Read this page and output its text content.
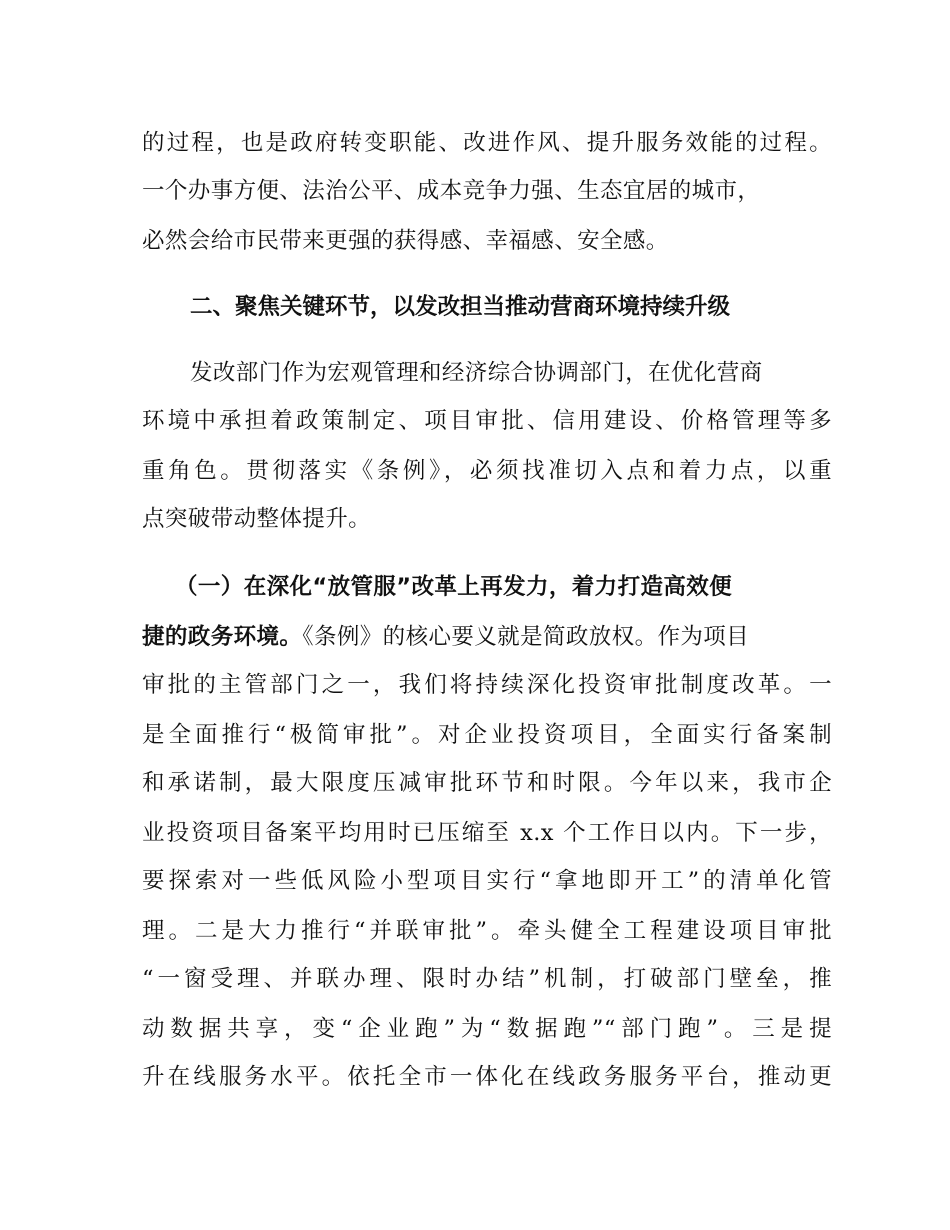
的过程，也是政府转变职能、改进作风、提升服务效能的过程。
一个办事方便、法治公平、成本竞争力强、生态宜居的城市，
必然会给市民带来更强的获得感、幸福感、安全感。
二、聚焦关键环节，以发改担当推动营商环境持续升级
发改部门作为宏观管理和经济综合协调部门，在优化营商
环境中承担着政策制定、项目审批、信用建设、价格管理等多
重角色。贯彻落实《条例》，必须找准切入点和着力点，以重
点突破带动整体提升。
（一）在深化“放管服”改革上再发力，着力打造高效便
捷的政务环境。《条例》的核心要义就是简政放权。作为项目
审批的主管部门之一，我们将持续深化投资审批制度改革。一
是全面推行“极简审批”。对企业投资项目，全面实行备案制
和承诺制，最大限度压减审批环节和时限。今年以来，我市企
业投资项目备案平均用时已压缩至 x.x 个工作日以内。下一步，
要探索对一些低风险小型项目实行“拿地即开工”的清单化管
理。二是大力推行“并联审批”。牵头健全工程建设项目审批
“一窗受理、并联办理、限时办结”机制，打破部门壁垒，推
动数据共享，变“企业跑”为“数据跑”“部门跑”。三是提
升在线服务水平。依托全市一体化在线政务服务平台，推动更
